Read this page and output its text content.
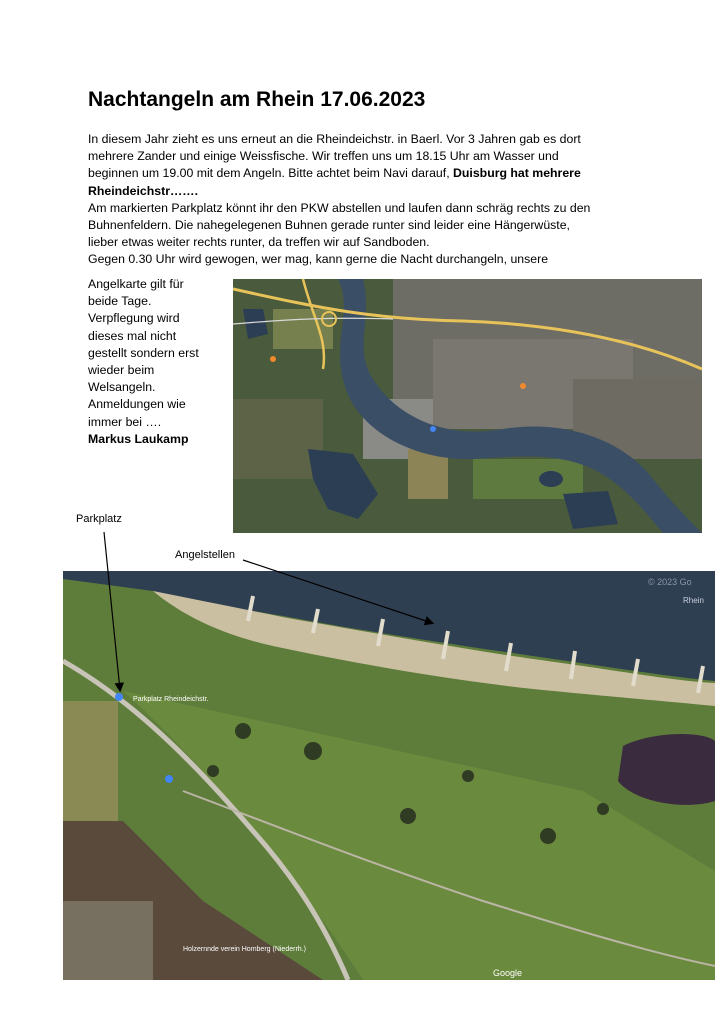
Nachtangeln am Rhein 17.06.2023
In diesem Jahr zieht es uns erneut an die Rheindeichstr. in Baerl. Vor 3 Jahren gab es dort
mehrere Zander und einige Weissfische. Wir treffen uns um 18.15 Uhr am Wasser und
beginnen um 19.00 mit dem Angeln. Bitte achtet beim Navi darauf, Duisburg hat mehrere
Rheindeichstr…….
Am markierten Parkplatz könnt ihr den PKW abstellen und laufen dann schräg rechts zu den
Buhnenfeldern. Die nahegelegenen Buhnen gerade runter sind leider eine Hängerwüste,
lieber etwas weiter rechts runter, da treffen wir auf Sandboden.
Gegen 0.30 Uhr wird gewogen, wer mag, kann gerne die Nacht durchangeln, unsere
Angelkarte gilt für
beide Tage.
Verpflegung wird
dieses mal nicht
gestellt sondern erst
wieder beim
Welsangeln.
Anmeldungen wie
immer bei ….
Markus Laukamp
Parkplatz Rheindeichstr.
Holzernnde verein Homberg (Niederrh.)
Rhein
© 2023 Go
Google
Parkplatz
Angelstellen
